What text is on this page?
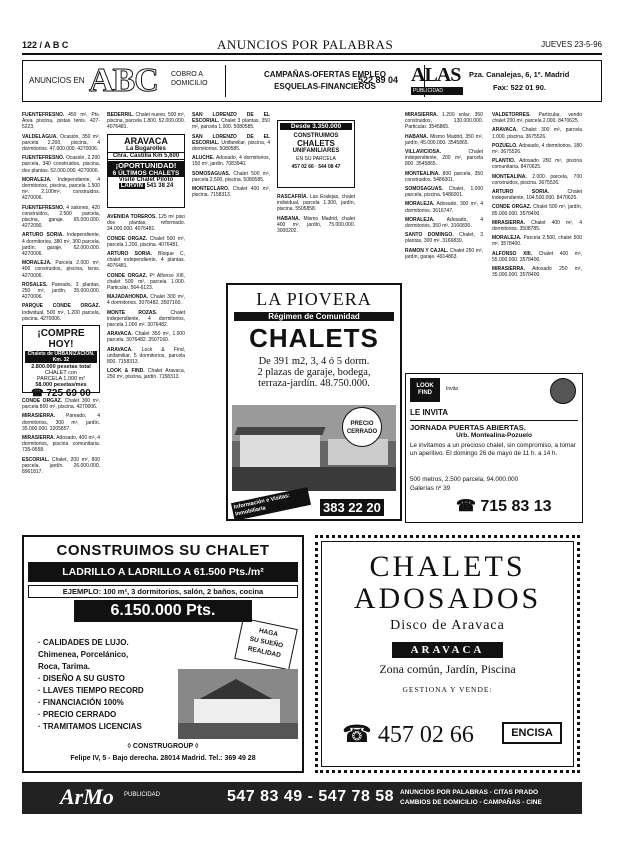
122 / A B C	ANUNCIOS POR PALABRAS	JUEVES 23-5-96
ANUNCIOS EN ABC COBRO A DOMICILIO
CAMPAÑAS-OFERTAS EMPLEO
ESQUELAS-FINANCIEROS
522 89 04 ALAS
PUBLICIDAD
Pza. Canalejas, 6, 1º. Madrid
Fax: 522 01 90.

FUENTEFRESNO. 450 m², Pts. Area piscina, pistas tenis. 427-5223.

VALDELAGUA. Ocasión, 350 m², parcela 2.200, piscina, 4 dormitorios. 47.000.000. 4270006.

FUENTEFRESNO. Ocasión, 2.200 parcela, 340 construidos, piscina, dos plantas. 52.000.000. 4270006.

MORALEJA. Independiente, 4 dormitorios, piscina, parcela 1.500 m². 2.100m², construidos. 4270006.

FUENTEFRESNO. 4 salones, 420 construidos, 2.500 parcela, piscina, garaje. 65.000.000. 4272090.

ARTURO SORIA. Independiente, 4 dormitorios, 380 m², 300 parcela, jardín, garaje. 62.000.000. 4270006.

MORALEJA. Parcela 2.000 m², 400 construidos, piscina, tenis. 4270006.

ROSALES. Pareado, 3 plantas, 250 m², jardín, 35.000.000. 4270006.

PARQUE CONDE ORGAZ. Individual, 500 m², 1.200 parcela, piscina. 4270006.

¡COMPRE HOY!
Chalets de URBANIZACIÓN. Km. 32
2.800.000 pesetas total
CHALET con
PARCELA 1.000 m²
58.000 pesetas/mes
☎ 725 69 00

CONDE ORGAZ. Chalet 300 m², parcela 800 m², piscina. 4270006.

MIRASIERRA. Pareado, 4 dormitorios, 300 m², jardín. 35.000.000. 3205857.

MIRASIERRA. Adosado, 400 m², 4 dormitorios, piscina comunitaria. 735-0558.

ESCORIAL. Chalet, 200 m², 800 parcela, jardín. 26.000.000. 8961817.

BEDERRIL. Chalet nuevo, 500 m², piscina, parcela 1.800. 52.000.000. 4076481.

ARAVACA
La Bugarolles
Chra. Castilla Km 5,600
¡OPORTUNIDAD!
6 ÚLTIMOS CHALETS
Visite Chalet Piloto
LARVIN 541 38 24

AVENIDA TOREROS. 125 m² piso dos plantas, reformado. 34.000.000. 4076481.

CONDE ORGAZ. Chalet 500 m², parcela 1.200, piscina. 4076481.

ARTURO SORIA. Bloque C, chalet independiente, 4 plantas. 4076481.

CONDE ORGAZ. Pº Alfonso XIII, chalet 500 m², parcela 1.000. Particular. 564-6123.

MAJADAHONDA. Chalet 300 m², 4 dormitorios. 3076482. 3507160.

MONTE ROZAS.	Chalet independiente, 4 dormitorios, parcela 1.000 m². 3076482.

ARAVACA. Chalet 350 m², 1.000 parcela. 3076482. 3507160.

ARAVACA. Lock & Find, unifamiliar, 5 dormitorios, parcela 800. 7158313.

LOOK & FIND. Chalet Aravaca, 250 m², piscina, jardín. 7158313.

SAN LORENZO DE EL ESCORIAL. Chalet 3 plantas, 350 m², parcela 1.000. 5080585.

SAN LORENZO DE EL ESCORIAL. Unifamiliar, piscina, 4 dormitorios. 5080585.

ALUCHE. Adosado, 4 dormitorios, 150 m², jardín. 7083940.

SOMOSAGUAS. Chalet 500 m², parcela 2.500, piscina. 5080585.

MONTECLARO. Chalet 400 m², piscina. 7158313.

Desde 3.350.000
CONSTRUIMOS
CHALETS
UNIFAMILIARES
EN SU PARCELA
457 02 66 · 544 08 47

RASCAFRÍA. Las Eralejas, chalet individual, parcela 1.300, jardín, piscina. 5505858.

HABANA. Mismo Madrid, chalet 400 m², jardín, 75.000.000. 3000202.

MIRASIERRA. 1.200 solar, 350 construidos, 130.000.000. Particular. 3545865.

HABANA. Mismo Madrid, 350 m², jardín, 45.000.000. 3545865.

VILLAVICIOSA.	Chalet independiente, 200 m², parcela 800. 3545865.

MONTEALINA. 800 parcela, 350 construidos. 5486001.

SOMOSAGUAS. Chalet, 1.000 parcela, piscina. 5486001.

MORALEJA. Adosado, 300 m², 4 dormitorios. 3616747.

MORALEJA. Adosado, 4 dormitorios, 350 m². 3166830.

SANTO DOMINGO. Chalet, 3 plantas, 300 m². 3166830.

RAMON Y CAJAL. Chalet 250 m², jardín, garaje. 4914863.

VALDETORRES. Particular, vendo chalet 200 m², parcela 2.000. 8470625.

ARAVACA. Chalet 300 m², parcela 1.000, piscina. 3675526.

POZUELO. Adosado, 4 dormitorios, 180 m². 3675526.

PLANTIO. Adosado 250 m², piscina comunitaria. 8470625.

MONTEALINA. 2.000 parcela, 700 construidos, piscina. 3675526.

ARTURO SORIA.	Chalet independiente, 104.500.000. 8470625.

CONDE ORGAZ. Chalet 500 m², jardín, 85.000.000. 3578400.

MIRASIERRA. Chalet 400 m², 4 dormitorios. 3508785.

MORALEJA. Parcela 2.500, chalet 500 m². 3578400.

ALFONSO XIII. Chalet 400 m², 55.000.000. 3578400.

MIRASIERRA. Adosado 250 m², 35.000.000. 3578400.

LA PIOVERA
Régimen de Comunidad
CHALETS
De 391 m2, 3, 4 ó 5 dorm.
2 plazas de garaje, bodega,
terraza-jardín. 48.750.000.
PRECIO CERRADO
Información e Visitas: Inmobiliaria	383 22 20
LOOK FIND
Invita
LE INVITA
JORNADA PUERTAS ABIERTAS.
Urb. Montealina-Pozuelo
Le invitamos a un precioso chalet, sin compromiso, a tomar un aperitivo. El domingo 26 de mayo de 11 h. a 14 h.
500 metros, 2.500 parcela, 94.000.000
Galerías nº 39
☎ 715 83 13
CONSTRUIMOS SU CHALET
LADRILLO A LADRILLO A 61.500 Pts./m²
EJEMPLO: 100 m², 3 dormitorios, salón, 2 baños, cocina
6.150.000 Pts.
HAGA
SU SUEÑO
REALIDAD
· CALIDADES DE LUJO.
Chimenea, Porcelánico,
Roca, Tarima.
· DISEÑO A SU GUSTO
· LLAVES TIEMPO RECORD
· FINANCIACIÓN 100%
· PRECIO CERRADO
· TRAMITAMOS LICENCIAS
◊ CONSTRUGROUP ◊
Felipe IV, 5 - Bajo derecha. 28014 Madrid. Tel.: 369 49 28
CHALETS
ADOSADOS
Disco de Aravaca
ARAVACA
Zona común, Jardín, Piscina
GESTIONA Y VENDE:
☎ 457 02 66	ENCISA
ArMo PUBLICIDAD	547 83 49 - 547 78 58 ANUNCIOS POR PALABRAS - CITAS PRADO
CAMBIOS DE DOMICILIO - CAMPAÑAS - CINE
